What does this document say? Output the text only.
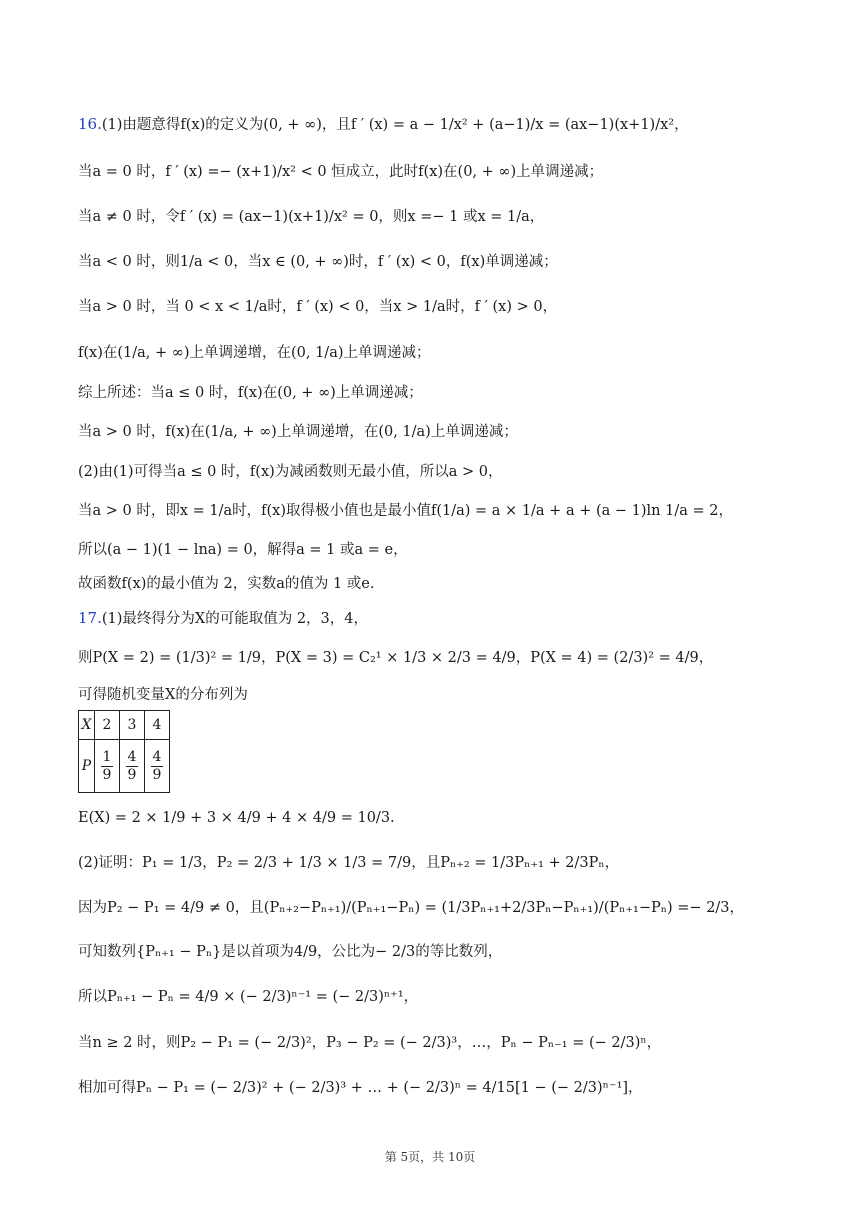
16.(1)由题意得f(x)的定义为(0, + ∞)，且f ′ (x) = a − 1/x² + (a−1)/x = (ax−1)(x+1)/x²，
当a = 0 时，f ′ (x) =− (x+1)/x² < 0 恒成立，此时f(x)在(0, + ∞)上单调递减；
当a ≠ 0 时，令f ′ (x) = (ax−1)(x+1)/x² = 0，则x =− 1 或x = 1/a，
当a < 0 时，则1/a < 0，当x ∈ (0, + ∞)时，f ′ (x) < 0，f(x)单调递减；
当a > 0 时，当 0 < x < 1/a时，f ′ (x) < 0，当x > 1/a时，f ′ (x) > 0，
f(x)在(1/a, + ∞)上单调递增，在(0, 1/a)上单调递减；
综上所述：当a ≤ 0 时，f(x)在(0, + ∞)上单调递减；
当a > 0 时，f(x)在(1/a, + ∞)上单调递增，在(0, 1/a)上单调递减；
(2)由(1)可得当a ≤ 0 时，f(x)为减函数则无最小值，所以a > 0，
当a > 0 时，即x = 1/a时，f(x)取得极小值也是最小值f(1/a) = a × 1/a + a + (a − 1)ln 1/a = 2，
所以(a − 1)(1 − lna) = 0，解得a = 1 或a = e，
故函数f(x)的最小值为 2，实数a的值为 1 或e.
17.(1)最终得分为X的可能取值为 2，3，4，
则P(X = 2) = (1/3)² = 1/9，P(X = 3) = C₂¹ × 1/3 × 2/3 = 4/9，P(X = 4) = (2/3)² = 4/9，
可得随机变量X的分布列为
X	2	3	4
P	$\frac{1}{9}$	$\frac{4}{9}$	$\frac{4}{9}$
E(X) = 2 × 1/9 + 3 × 4/9 + 4 × 4/9 = 10/3.
(2)证明：P₁ = 1/3，P₂ = 2/3 + 1/3 × 1/3 = 7/9，且Pₙ₊₂ = 1/3Pₙ₊₁ + 2/3Pₙ，
因为P₂ − P₁ = 4/9 ≠ 0，且(Pₙ₊₂−Pₙ₊₁)/(Pₙ₊₁−Pₙ) = (1/3Pₙ₊₁+2/3Pₙ−Pₙ₊₁)/(Pₙ₊₁−Pₙ) =− 2/3，
可知数列{Pₙ₊₁ − Pₙ}是以首项为4/9，公比为− 2/3的等比数列，
所以Pₙ₊₁ − Pₙ = 4/9 × (− 2/3)ⁿ⁻¹ = (− 2/3)ⁿ⁺¹，
当n ≥ 2 时，则P₂ − P₁ = (− 2/3)²，P₃ − P₂ = (− 2/3)³，…，Pₙ − Pₙ₋₁ = (− 2/3)ⁿ，
相加可得Pₙ − P₁ = (− 2/3)² + (− 2/3)³ + … + (− 2/3)ⁿ = 4/15[1 − (− 2/3)ⁿ⁻¹]，
第 5页，共 10页
